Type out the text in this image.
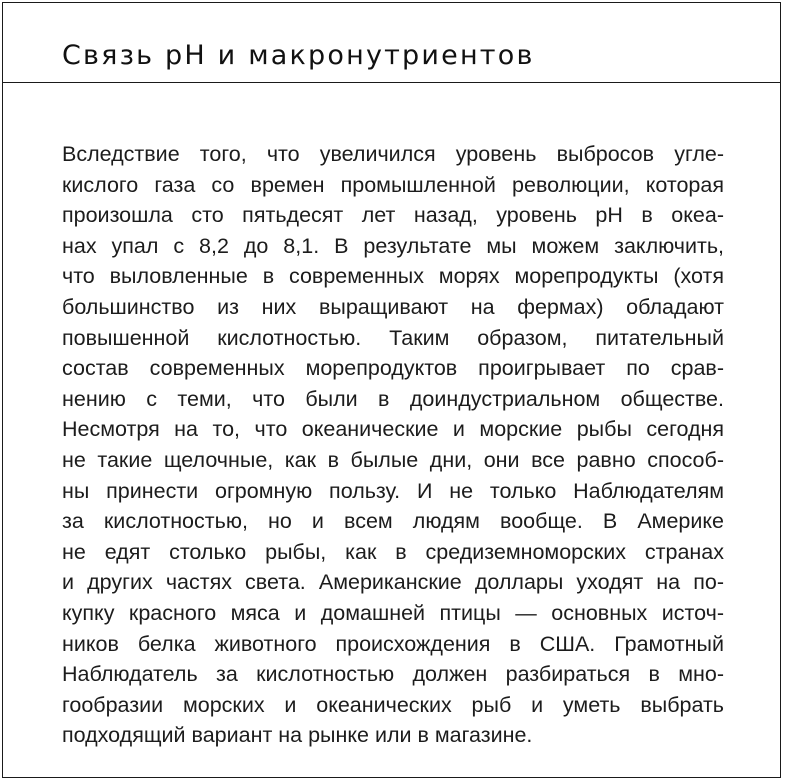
Связь pH и макронутриентов

Вследствие того, что увеличился уровень выбросов угле-
кислого газа со времен промышленной революции, которая
произошла сто пятьдесят лет назад, уровень pH в океа-
нах упал с 8,2 до 8,1. В результате мы можем заключить,
что выловленные в современных морях морепродукты (хотя
большинство из них выращивают на фермах) обладают
повышенной кислотностью. Таким образом, питательный
состав современных морепродуктов проигрывает по срав-
нению с теми, что были в доиндустриальном обществе.
Несмотря на то, что океанические и морские рыбы сегодня
не такие щелочные, как в былые дни, они все равно способ-
ны принести огромную пользу. И не только Наблюдателям
за кислотностью, но и всем людям вообще. В Америке
не едят столько рыбы, как в средиземноморских странах
и других частях света. Американские доллары уходят на по-
купку красного мяса и домашней птицы — основных источ-
ников белка животного происхождения в США. Грамотный
Наблюдатель за кислотностью должен разбираться в мно-
гообразии морских и океанических рыб и уметь выбрать
подходящий вариант на рынке или в магазине.
